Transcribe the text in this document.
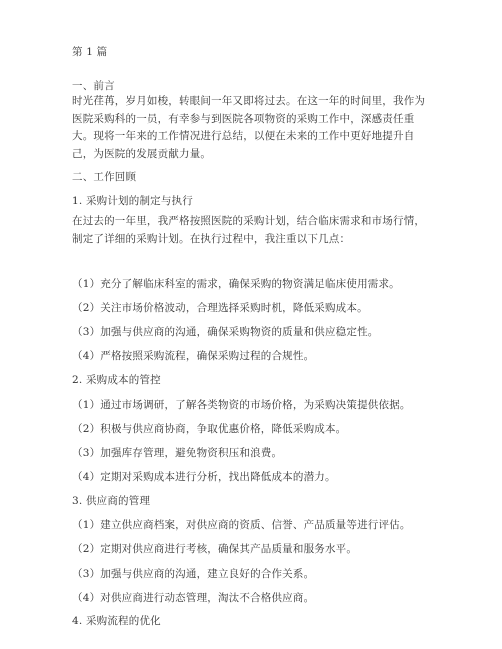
第 1 篇
一、前言
时光荏苒，岁月如梭，转眼间一年又即将过去。在这一年的时间里，我作为医院采购科的一员，有幸参与到医院各项物资的采购工作中，深感责任重大。现将一年来的工作情况进行总结，以便在未来的工作中更好地提升自己，为医院的发展贡献力量。
二、工作回顾
1. 采购计划的制定与执行
在过去的一年里，我严格按照医院的采购计划，结合临床需求和市场行情，制定了详细的采购计划。在执行过程中，我注重以下几点：
（1）充分了解临床科室的需求，确保采购的物资满足临床使用需求。
（2）关注市场价格波动，合理选择采购时机，降低采购成本。
（3）加强与供应商的沟通，确保采购物资的质量和供应稳定性。
（4）严格按照采购流程，确保采购过程的合规性。
2. 采购成本的管控
（1）通过市场调研，了解各类物资的市场价格，为采购决策提供依据。
（2）积极与供应商协商，争取优惠价格，降低采购成本。
（3）加强库存管理，避免物资积压和浪费。
（4）定期对采购成本进行分析，找出降低成本的潜力。
3. 供应商的管理
（1）建立供应商档案，对供应商的资质、信誉、产品质量等进行评估。
（2）定期对供应商进行考核，确保其产品质量和服务水平。
（3）加强与供应商的沟通，建立良好的合作关系。
（4）对供应商进行动态管理，淘汰不合格供应商。
4. 采购流程的优化
